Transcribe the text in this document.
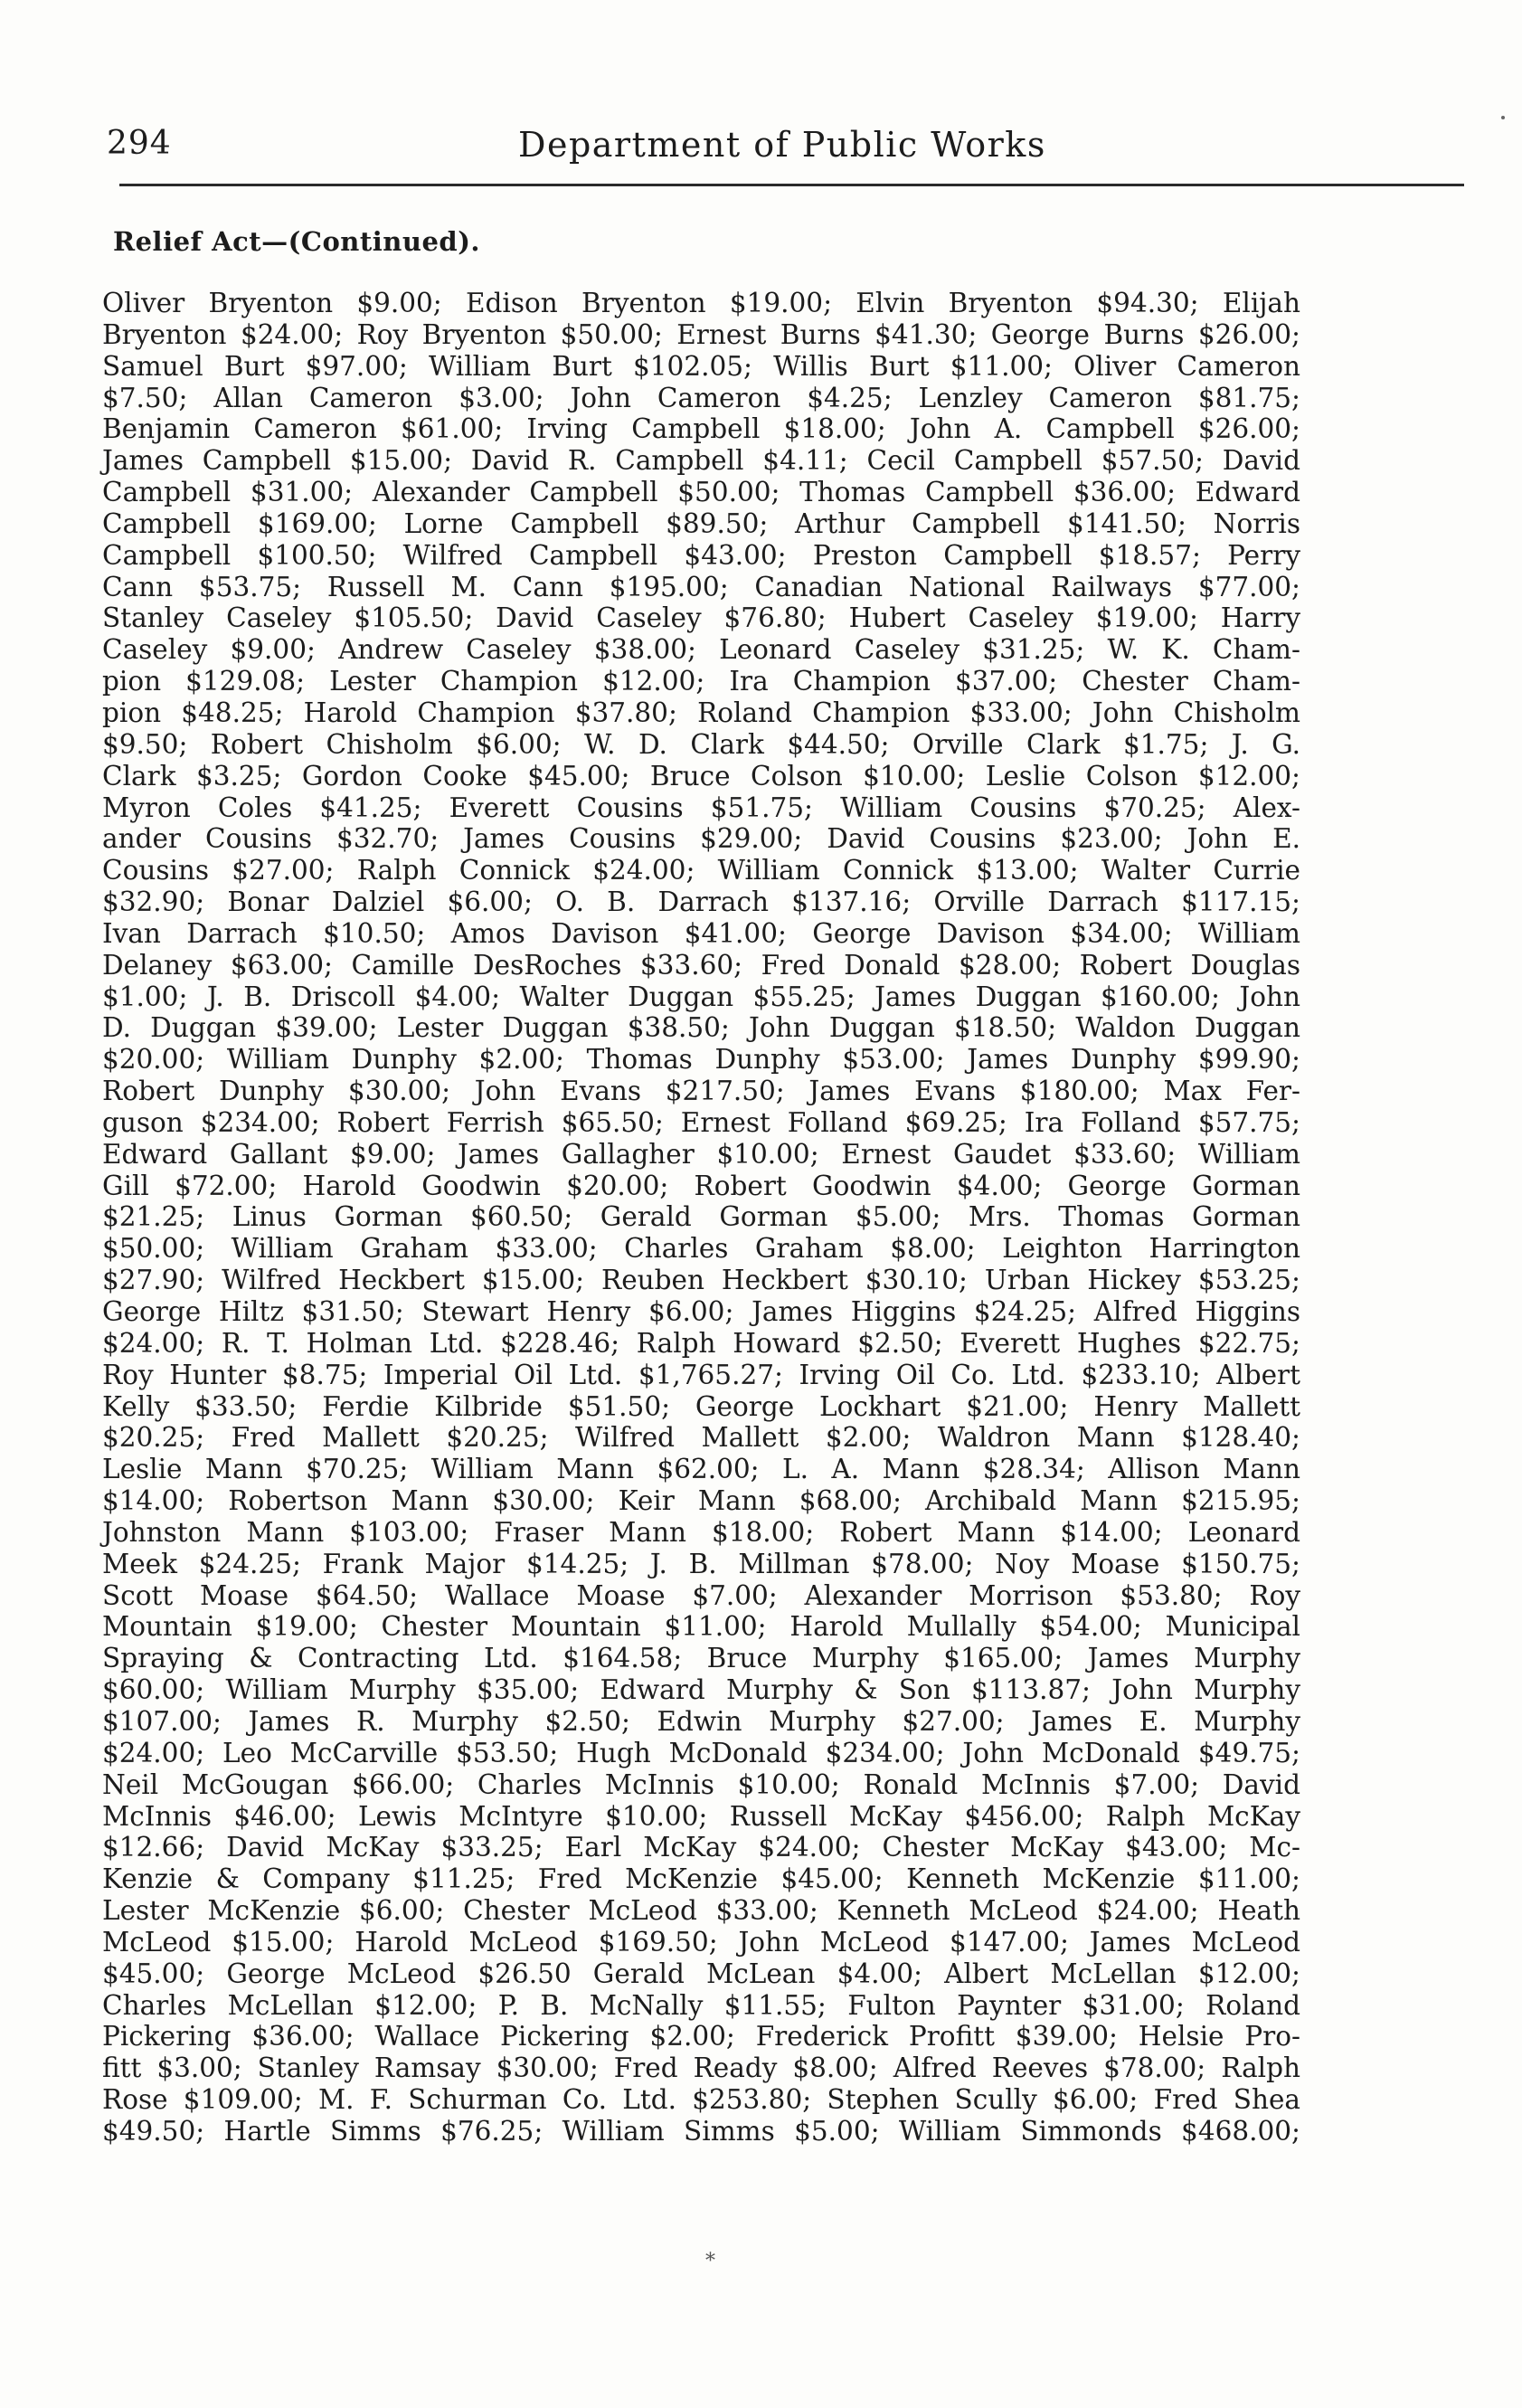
294	Department of Public Works
Relief Act—(Continued).
Oliver Bryenton $9.00; Edison Bryenton $19.00; Elvin Bryenton $94.30; Elijah
Bryenton $24.00; Roy Bryenton $50.00; Ernest Burns $41.30; George Burns $26.00;
Samuel Burt $97.00; William Burt $102.05; Willis Burt $11.00; Oliver Cameron
$7.50; Allan Cameron $3.00; John Cameron $4.25; Lenzley Cameron $81.75;
Benjamin Cameron $61.00; Irving Campbell $18.00; John A. Campbell $26.00;
James Campbell $15.00; David R. Campbell $4.11; Cecil Campbell $57.50; David
Campbell $31.00; Alexander Campbell $50.00; Thomas Campbell $36.00; Edward
Campbell $169.00; Lorne Campbell $89.50; Arthur Campbell $141.50; Norris
Campbell $100.50; Wilfred Campbell $43.00; Preston Campbell $18.57; Perry
Cann $53.75; Russell M. Cann $195.00; Canadian National Railways $77.00;
Stanley Caseley $105.50; David Caseley $76.80; Hubert Caseley $19.00; Harry
Caseley $9.00; Andrew Caseley $38.00; Leonard Caseley $31.25; W. K. Cham-
pion $129.08; Lester Champion $12.00; Ira Champion $37.00; Chester Cham-
pion $48.25; Harold Champion $37.80; Roland Champion $33.00; John Chisholm
$9.50; Robert Chisholm $6.00; W. D. Clark $44.50; Orville Clark $1.75; J. G.
Clark $3.25; Gordon Cooke $45.00; Bruce Colson $10.00; Leslie Colson $12.00;
Myron Coles $41.25; Everett Cousins $51.75; William Cousins $70.25; Alex-
ander Cousins $32.70; James Cousins $29.00; David Cousins $23.00; John E.
Cousins $27.00; Ralph Connick $24.00; William Connick $13.00; Walter Currie
$32.90; Bonar Dalziel $6.00; O. B. Darrach $137.16; Orville Darrach $117.15;
Ivan Darrach $10.50; Amos Davison $41.00; George Davison $34.00; William
Delaney $63.00; Camille DesRoches $33.60; Fred Donald $28.00; Robert Douglas
$1.00; J. B. Driscoll $4.00; Walter Duggan $55.25; James Duggan $160.00; John
D. Duggan $39.00; Lester Duggan $38.50; John Duggan $18.50; Waldon Duggan
$20.00; William Dunphy $2.00; Thomas Dunphy $53.00; James Dunphy $99.90;
Robert Dunphy $30.00; John Evans $217.50; James Evans $180.00; Max Fer-
guson $234.00; Robert Ferrish $65.50; Ernest Folland $69.25; Ira Folland $57.75;
Edward Gallant $9.00; James Gallagher $10.00; Ernest Gaudet $33.60; William
Gill $72.00; Harold Goodwin $20.00; Robert Goodwin $4.00; George Gorman
$21.25; Linus Gorman $60.50; Gerald Gorman $5.00; Mrs. Thomas Gorman
$50.00; William Graham $33.00; Charles Graham $8.00; Leighton Harrington
$27.90; Wilfred Heckbert $15.00; Reuben Heckbert $30.10; Urban Hickey $53.25;
George Hiltz $31.50; Stewart Henry $6.00; James Higgins $24.25; Alfred Higgins
$24.00; R. T. Holman Ltd. $228.46; Ralph Howard $2.50; Everett Hughes $22.75;
Roy Hunter $8.75; Imperial Oil Ltd. $1,765.27; Irving Oil Co. Ltd. $233.10; Albert
Kelly $33.50; Ferdie Kilbride $51.50; George Lockhart $21.00; Henry Mallett
$20.25; Fred Mallett $20.25; Wilfred Mallett $2.00; Waldron Mann $128.40;
Leslie Mann $70.25; William Mann $62.00; L. A. Mann $28.34; Allison Mann
$14.00; Robertson Mann $30.00; Keir Mann $68.00; Archibald Mann $215.95;
Johnston Mann $103.00; Fraser Mann $18.00; Robert Mann $14.00; Leonard
Meek $24.25; Frank Major $14.25; J. B. Millman $78.00; Noy Moase $150.75;
Scott Moase $64.50; Wallace Moase $7.00; Alexander Morrison $53.80; Roy
Mountain $19.00; Chester Mountain $11.00; Harold Mullally $54.00; Municipal
Spraying & Contracting Ltd. $164.58; Bruce Murphy $165.00; James Murphy
$60.00; William Murphy $35.00; Edward Murphy & Son $113.87; John Murphy
$107.00; James R. Murphy $2.50; Edwin Murphy $27.00; James E. Murphy
$24.00; Leo McCarville $53.50; Hugh McDonald $234.00; John McDonald $49.75;
Neil McGougan $66.00; Charles McInnis $10.00; Ronald McInnis $7.00; David
McInnis $46.00; Lewis McIntyre $10.00; Russell McKay $456.00; Ralph McKay
$12.66; David McKay $33.25; Earl McKay $24.00; Chester McKay $43.00; Mc-
Kenzie & Company $11.25; Fred McKenzie $45.00; Kenneth McKenzie $11.00;
Lester McKenzie $6.00; Chester McLeod $33.00; Kenneth McLeod $24.00; Heath
McLeod $15.00; Harold McLeod $169.50; John McLeod $147.00; James McLeod
$45.00; George McLeod $26.50 Gerald McLean $4.00; Albert McLellan $12.00;
Charles McLellan $12.00; P. B. McNally $11.55; Fulton Paynter $31.00; Roland
Pickering $36.00; Wallace Pickering $2.00; Frederick Profitt $39.00; Helsie Pro-
fitt $3.00; Stanley Ramsay $30.00; Fred Ready $8.00; Alfred Reeves $78.00; Ralph
Rose $109.00; M. F. Schurman Co. Ltd. $253.80; Stephen Scully $6.00; Fred Shea
$49.50; Hartle Simms $76.25; William Simms $5.00; William Simmonds $468.00;
⁎
